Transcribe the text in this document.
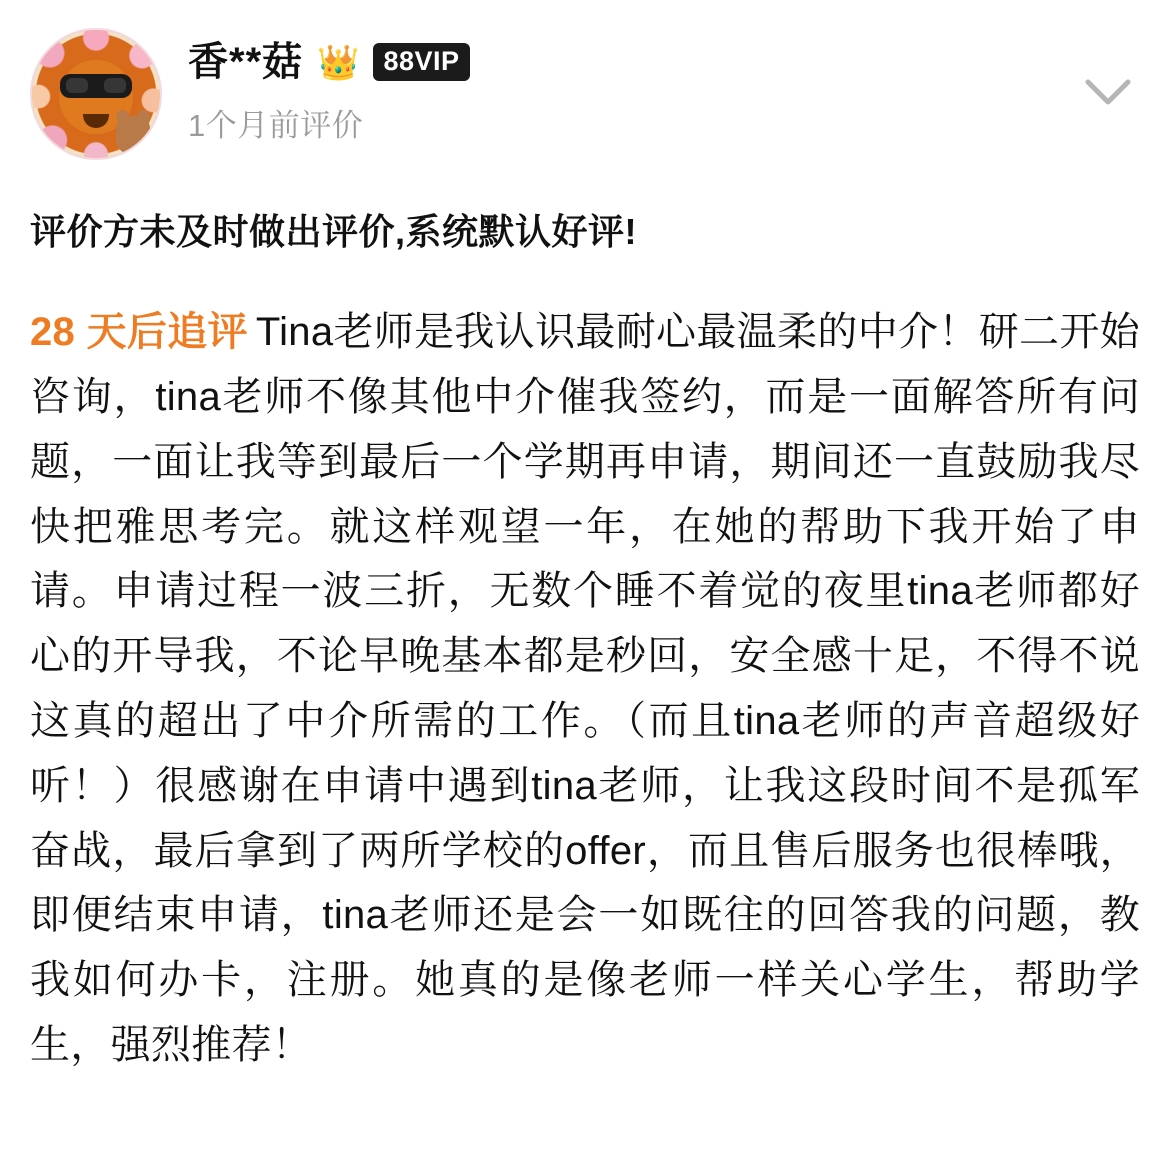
香**菇 👑 88VIP
1个月前评价
评价方未及时做出评价,系统默认好评!
28 天后追评 Tina老师是我认识最耐心最温柔的中介！研二开始咨询，tina老师不像其他中介催我签约，而是一面解答所有问题，一面让我等到最后一个学期再申请，期间还一直鼓励我尽快把雅思考完。就这样观望一年，在她的帮助下我开始了申请。申请过程一波三折，无数个睡不着觉的夜里tina老师都好心的开导我，不论早晚基本都是秒回，安全感十足，不得不说这真的超出了中介所需的工作。（而且tina老师的声音超级好听！）很感谢在申请中遇到tina老师，让我这段时间不是孤军奋战，最后拿到了两所学校的offer，而且售后服务也很棒哦，即便结束申请，tina老师还是会一如既往的回答我的问题，教我如何办卡，注册。她真的是像老师一样关心学生，帮助学生，强烈推荐！
